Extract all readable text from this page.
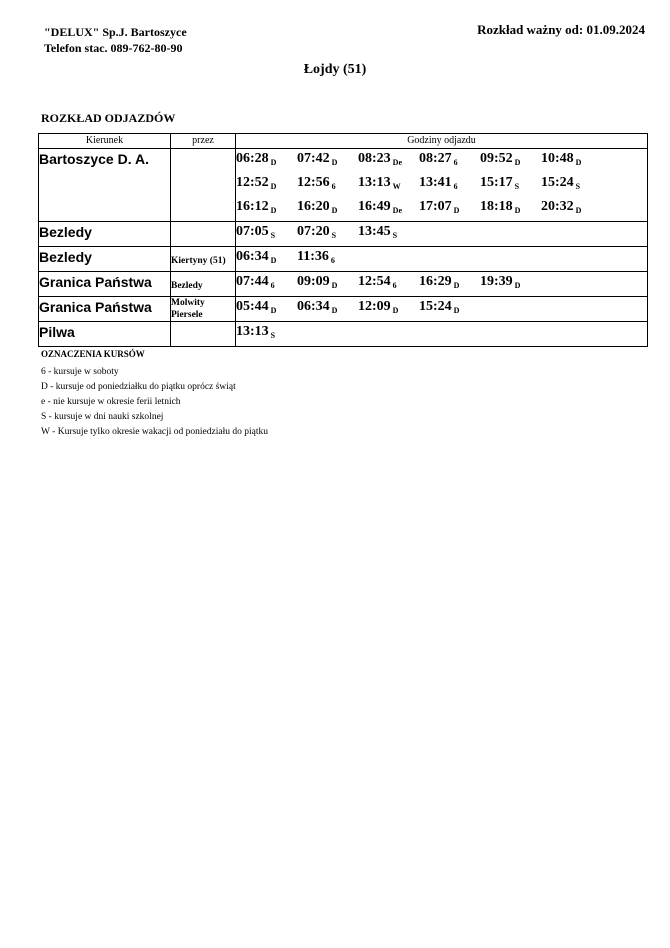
"DELUX" Sp.J. Bartoszyce
Telefon stac. 089-762-80-90
Rozkład ważny od: 01.09.2024
Łojdy (51)
ROZKŁAD ODJAZDÓW
Kierunek	przez	Godziny odjazdu
Bartoszyce D. A.		06:28 $_D$ 07:42 $_D$ 08:23 $_{De}$ 08:27 $_6$ 09:52 $_D$ 10:48 $_D$
12:52 $_D$ 12:56 $_6$ 13:13 $_W$ 13:41 $_6$ 15:17 $_S$ 15:24 $_S$
16:12 $_D$ 16:20 $_D$ 16:49 $_{De}$ 17:07 $_D$ 18:18 $_D$ 20:32 $_D$

Bezledy		07:05 $_S$ 07:20 $_S$ 13:45 $_S$

Bezledy	Kiertyny (51)	06:34 $_D$ 11:36 $_6$

Granica Państwa	Bezledy	07:44 $_6$ 09:09 $_D$ 12:54 $_6$ 16:29 $_D$ 19:39 $_D$

Granica Państwa	Molwity Piersele	05:44 $_D$ 06:34 $_D$ 12:09 $_D$ 15:24 $_D$

Pilwa		13:13 $_S$
OZNACZENIA KURSÓW
6 - kursuje w soboty
D - kursuje od poniedziałku do piątku oprócz świąt
e - nie kursuje w okresie ferii letnich
S - kursuje w dni nauki szkolnej
W - Kursuje tylko okresie wakacji od poniedziału do piątku
